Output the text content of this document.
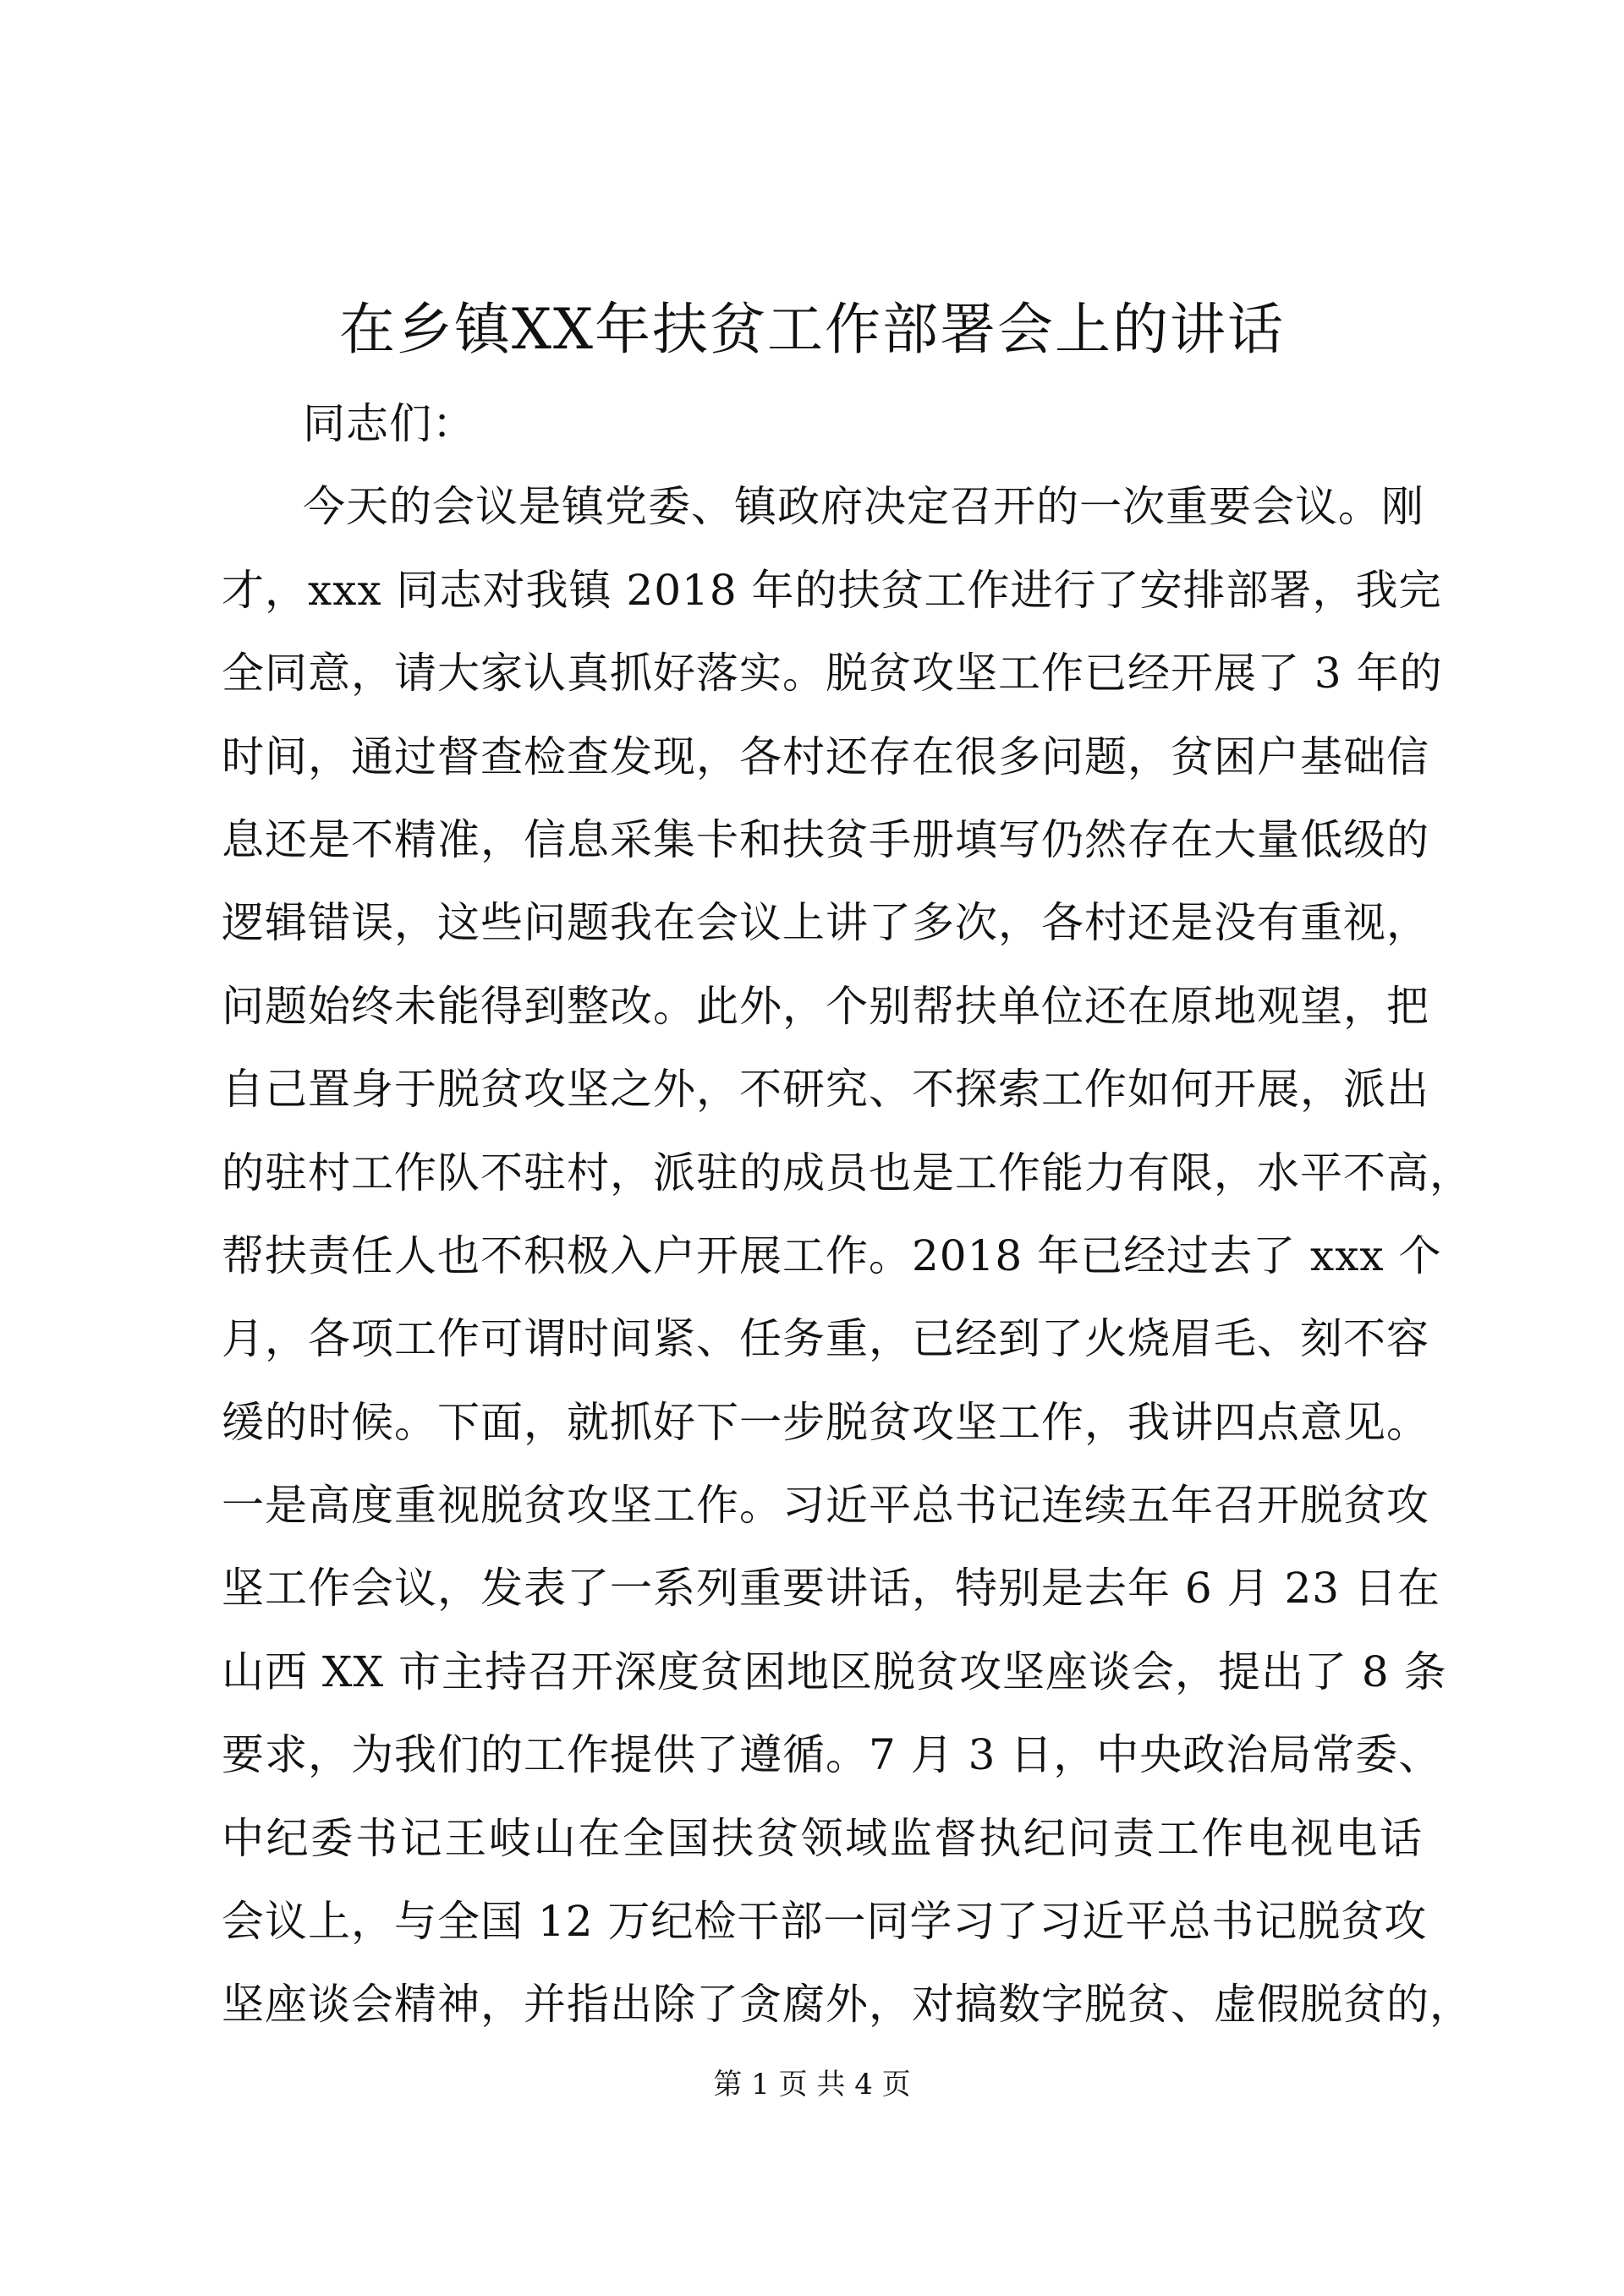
在乡镇XX年扶贫工作部署会上的讲话
同志们：
今天的会议是镇党委、镇政府决定召开的一次重要会议。刚
才，xxx 同志对我镇 2018 年的扶贫工作进行了安排部署，我完
全同意，请大家认真抓好落实。脱贫攻坚工作已经开展了 3 年的
时间，通过督查检查发现，各村还存在很多问题，贫困户基础信
息还是不精准，信息采集卡和扶贫手册填写仍然存在大量低级的
逻辑错误，这些问题我在会议上讲了多次，各村还是没有重视，
问题始终未能得到整改。此外，个别帮扶单位还在原地观望，把
自己置身于脱贫攻坚之外，不研究、不探索工作如何开展，派出
的驻村工作队不驻村，派驻的成员也是工作能力有限，水平不高，
帮扶责任人也不积极入户开展工作。2018 年已经过去了 xxx 个
月，各项工作可谓时间紧、任务重，已经到了火烧眉毛、刻不容
缓的时候。下面，就抓好下一步脱贫攻坚工作，我讲四点意见。
一是高度重视脱贫攻坚工作。习近平总书记连续五年召开脱贫攻
坚工作会议，发表了一系列重要讲话，特别是去年 6 月 23 日在
山西 XX 市主持召开深度贫困地区脱贫攻坚座谈会，提出了 8 条
要求，为我们的工作提供了遵循。7 月 3 日，中央政治局常委、
中纪委书记王岐山在全国扶贫领域监督执纪问责工作电视电话
会议上，与全国 12 万纪检干部一同学习了习近平总书记脱贫攻
坚座谈会精神，并指出除了贪腐外，对搞数字脱贫、虚假脱贫的，
第 1 页 共 4 页
